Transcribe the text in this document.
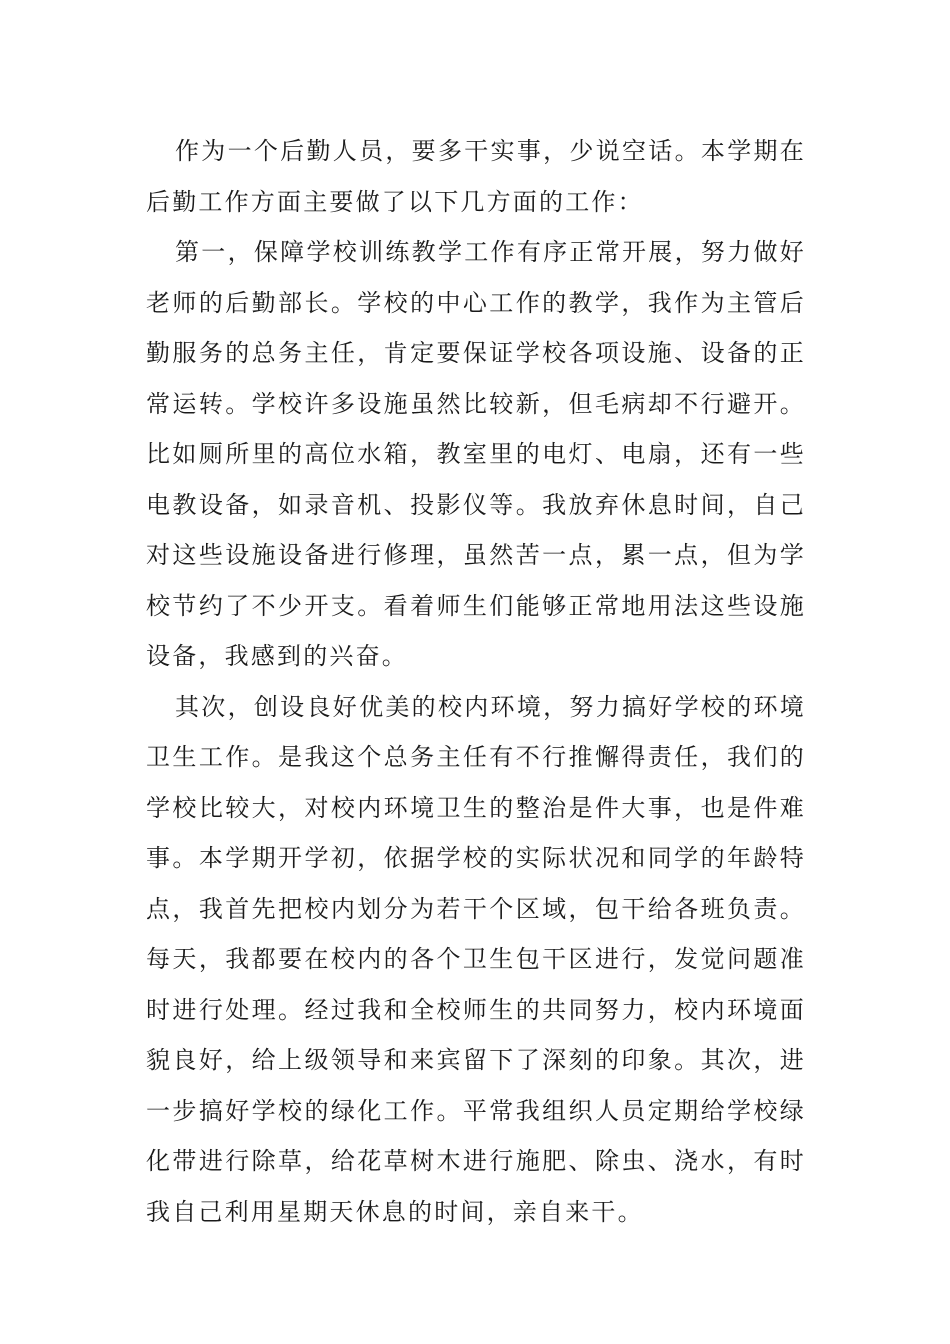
作为一个后勤人员，要多干实事，少说空话。本学期在后勤工作方面主要做了以下几方面的工作：

第一，保障学校训练教学工作有序正常开展，努力做好老师的后勤部长。学校的中心工作的教学，我作为主管后勤服务的总务主任，肯定要保证学校各项设施、设备的正常运转。学校许多设施虽然比较新，但毛病却不行避开。比如厕所里的高位水箱，教室里的电灯、电扇，还有一些电教设备，如录音机、投影仪等。我放弃休息时间，自己对这些设施设备进行修理，虽然苦一点，累一点，但为学校节约了不少开支。看着师生们能够正常地用法这些设施设备，我感到的兴奋。

其次，创设良好优美的校内环境，努力搞好学校的环境卫生工作。是我这个总务主任有不行推懈得责任，我们的学校比较大，对校内环境卫生的整治是件大事，也是件难事。本学期开学初，依据学校的实际状况和同学的年龄特点，我首先把校内划分为若干个区域，包干给各班负责。每天，我都要在校内的各个卫生包干区进行，发觉问题准时进行处理。经过我和全校师生的共同努力，校内环境面貌良好，给上级领导和来宾留下了深刻的印象。其次，进一步搞好学校的绿化工作。平常我组织人员定期给学校绿化带进行除草，给花草树木进行施肥、除虫、浇水，有时我自己利用星期天休息的时间，亲自来干。
